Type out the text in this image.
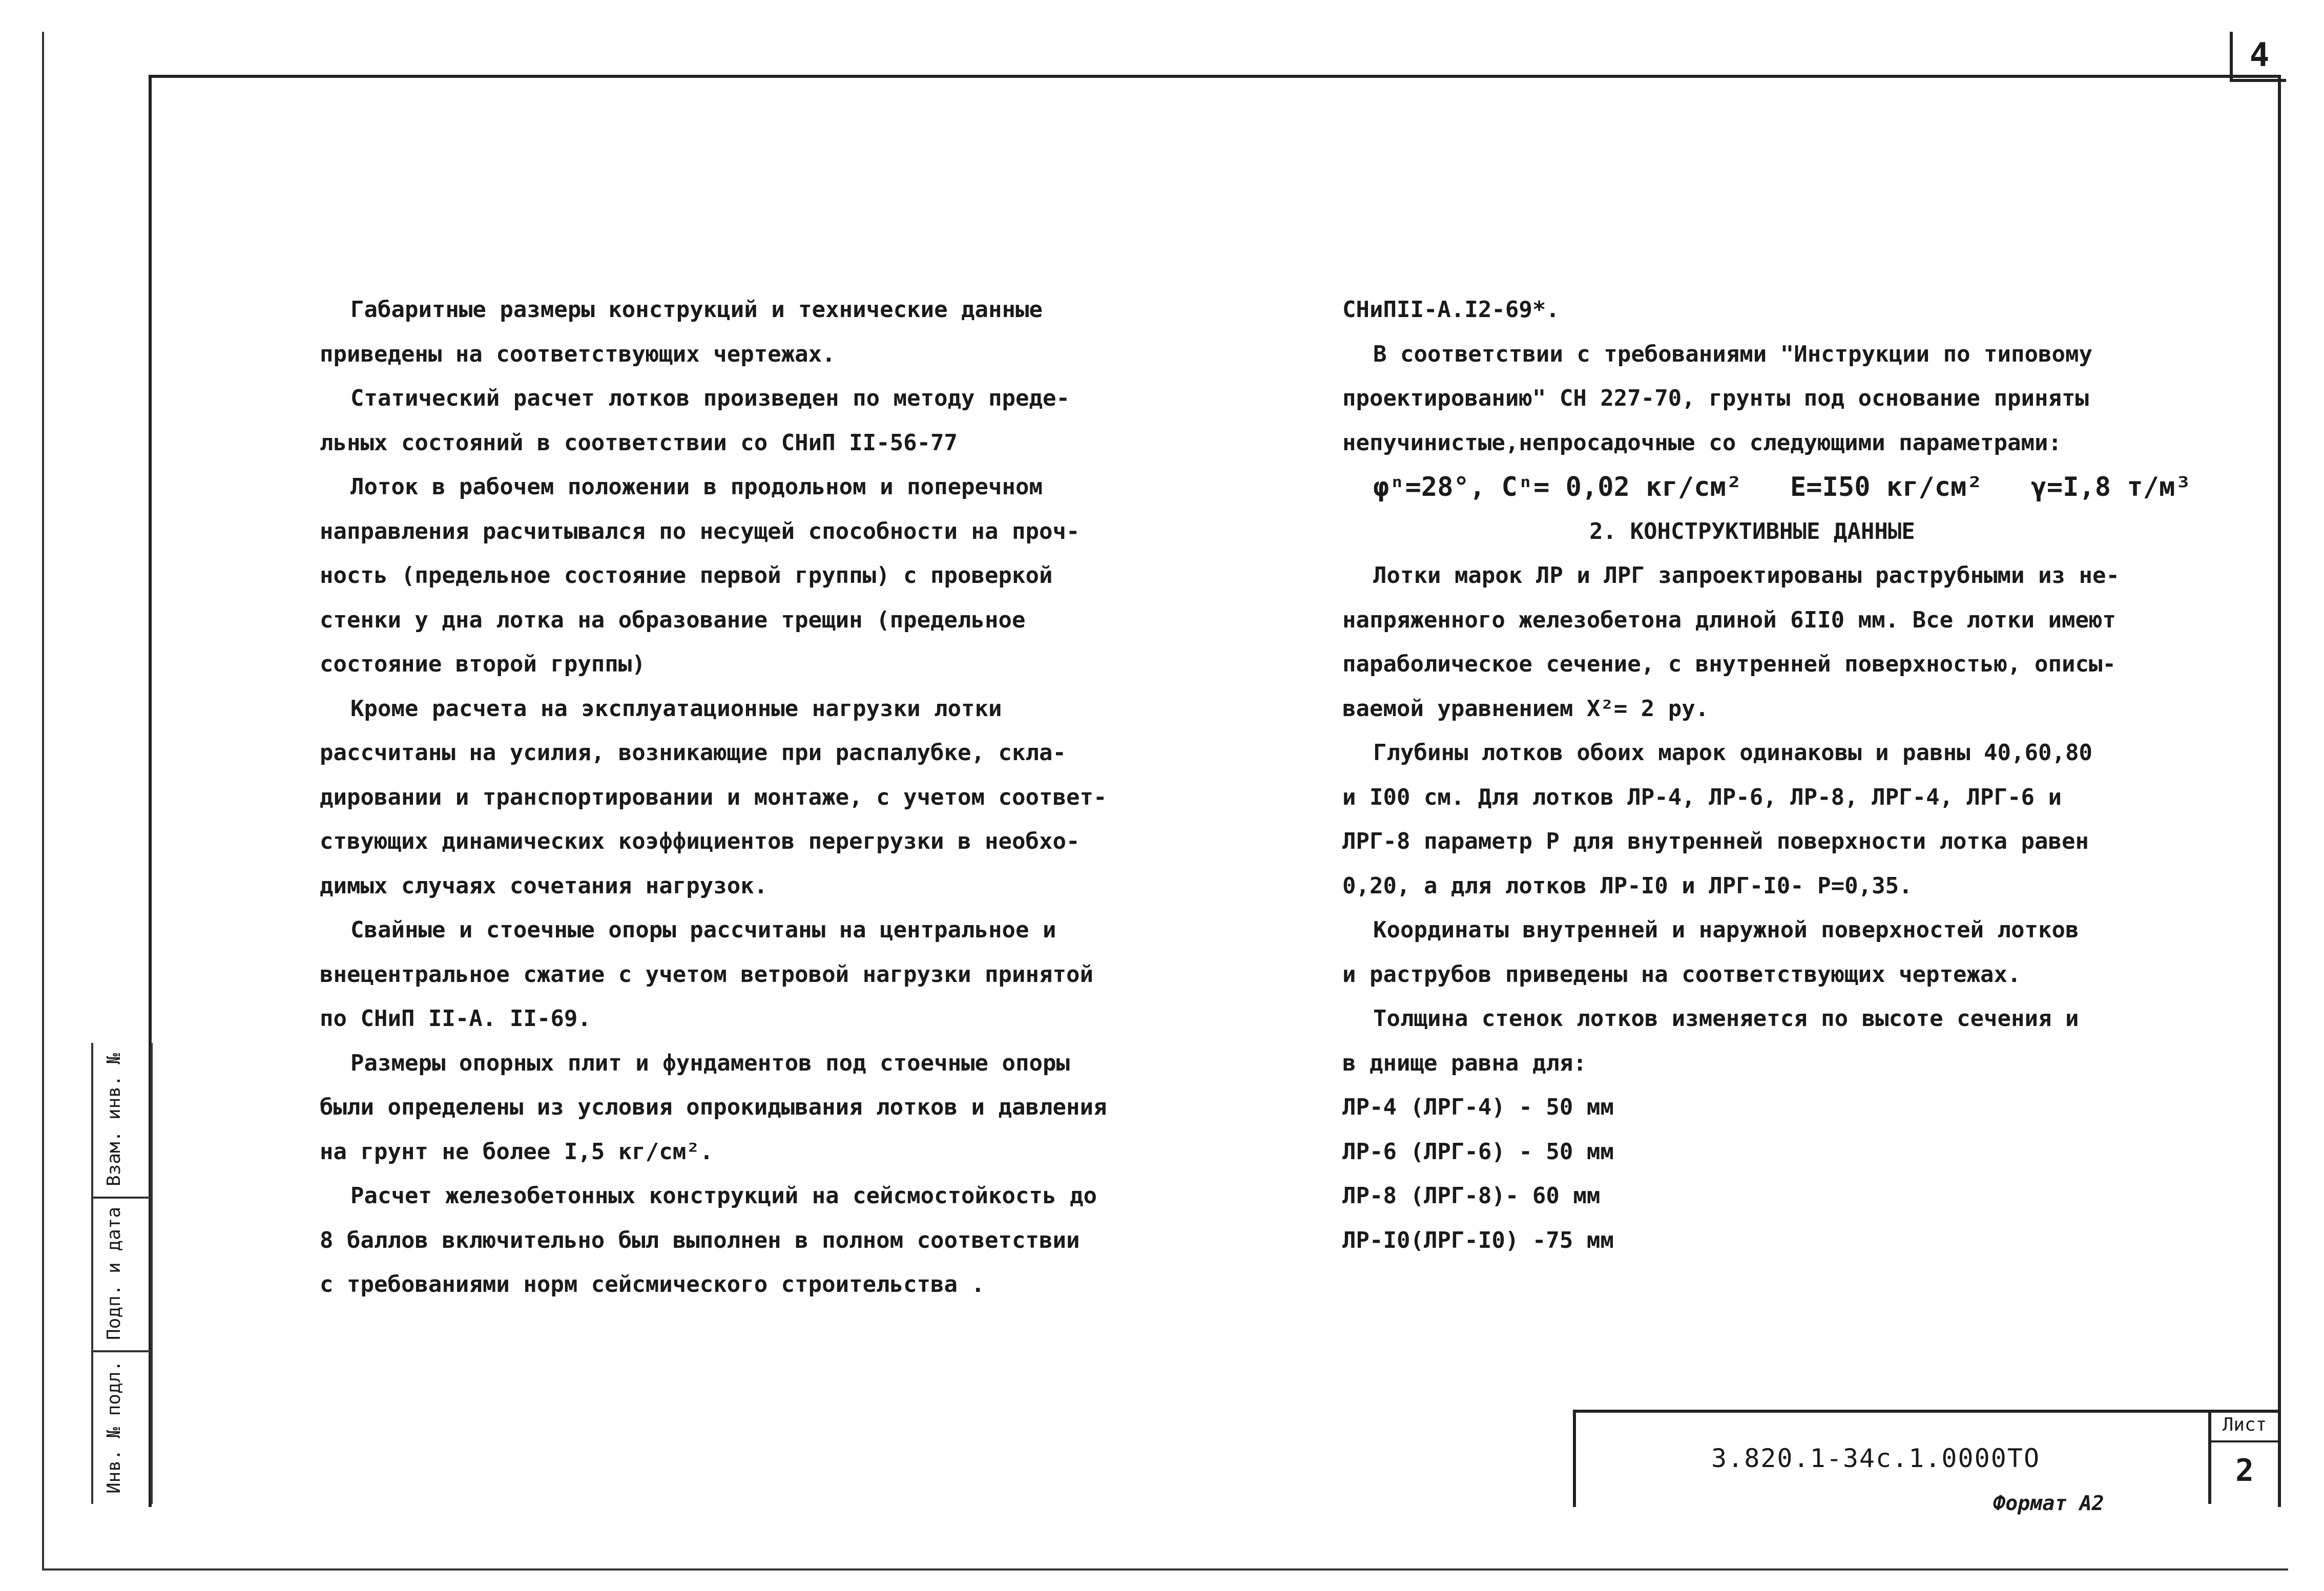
4
Взам. инв. №
Подп. и дата
Инв. № подл.
Габаритные размеры конструкций и технические данные
приведены на соответствующих чертежах.
Статический расчет лотков произведен по методу преде-
льных состояний в соответствии со СНиП II-56-77
Лоток в рабочем положении в продольном и поперечном
направления расчитывался по несущей способности на проч-
ность (предельное состояние первой группы) с проверкой
стенки у дна лотка на образование трещин (предельное
состояние второй группы)
Кроме расчета на эксплуатационные нагрузки лотки
рассчитаны на усилия, возникающие при распалубке, скла-
дировании и транспортировании и монтаже, с учетом соответ-
ствующих динамических коэффициентов перегрузки в необхо-
димых случаях сочетания нагрузок.
Свайные и стоечные опоры рассчитаны на центральное и
внецентральное сжатие с учетом ветровой нагрузки принятой
по СНиП II-А. II-69.
Размеры опорных плит и фундаментов под стоечные опоры
были определены из условия опрокидывания лотков и давления
на грунт не более I,5 кг/см².
Расчет железобетонных конструкций на сейсмостойкость до
8 баллов включительно был выполнен в полном соответствии
с требованиями норм сейсмического строительства .
СНиПII-А.I2-69*.
В соответствии с требованиями "Инструкции по типовому
проектированию" СН 227-70, грунты под основание приняты
непучинистые,непросадочные со следующими параметрами:
φⁿ=28°, Cⁿ= 0,02 кг/см²   E=I50 кг/см²   γ=I,8 т/м³
2. КОНСТРУКТИВНЫЕ ДАННЫЕ
Лотки марок ЛР и ЛРГ запроектированы раструбными из не-
напряженного железобетона длиной 6II0 мм. Все лотки имеют
параболическое сечение, с внутренней поверхностью, описы-
ваемой уравнением X²= 2 py.
Глубины лотков обоих марок одинаковы и равны 40,60,80
и I00 см. Для лотков ЛР-4, ЛР-6, ЛР-8, ЛРГ-4, ЛРГ-6 и
ЛРГ-8 параметр P для внутренней поверхности лотка равен
0,20, а для лотков ЛР-I0 и ЛРГ-I0- P=0,35.
Координаты внутренней и наружной поверхностей лотков
и раструбов приведены на соответствующих чертежах.
Толщина стенок лотков изменяется по высоте сечения и
в днище равна для:
ЛР-4 (ЛРГ-4) - 50 мм
ЛР-6 (ЛРГ-6) - 50 мм
ЛР-8 (ЛРГ-8)- 60 мм
ЛР-I0(ЛРГ-I0) -75 мм
3.820.1-34с.1.0000ТО
Лист
2
Формат А2
